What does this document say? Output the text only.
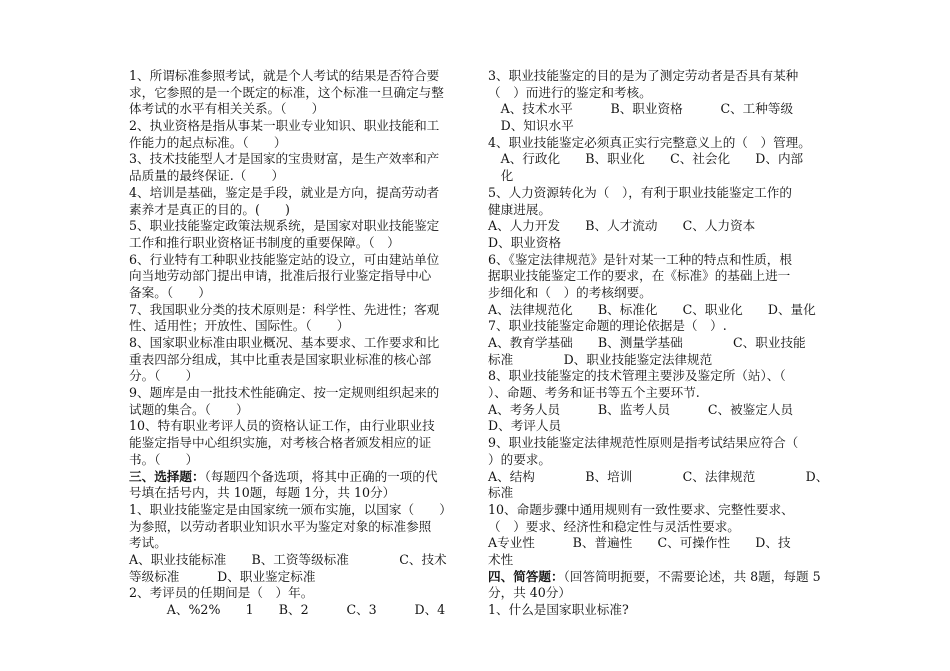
1、所谓标准参照考试，就是个人考试的结果是否符合要
求，它参照的是一个既定的标准，这个标准一旦确定与整
体考试的水平有相关关系。（　　）
2、执业资格是指从事某一职业专业知识、职业技能和工
作能力的起点标准。（　　）
3、技术技能型人才是国家的宝贵财富，是生产效率和产
品质量的最终保证.（　　）
4、培训是基础，鉴定是手段，就业是方向，提高劳动者
素养才是真正的目的。(　　)
5、职业技能鉴定政策法规系统，是国家对职业技能鉴定
工作和推行职业资格证书制度的重要保障。（　）
6、行业特有工种职业技能鉴定站的设立，可由建站单位
向当地劳动部门提出申请，批准后报行业鉴定指导中心
备案。（　　）
7、我国职业分类的技术原则是：科学性、先进性；客观
性、适用性；开放性、国际性。（　　）
8、国家职业标准由职业概况、基本要求、工作要求和比
重表四部分组成，其中比重表是国家职业标准的核心部
分。（　　）
9、题库是由一批技术性能确定、按一定规则组织起来的
试题的集合。（　　）
10、特有职业考评人员的资格认证工作，由行业职业技
能鉴定指导中心组织实施，对考核合格者颁发相应的证
书。（　　）
三、选择题：（每题四个备选项，将其中正确的一项的代
号填在括号内，共 10题，每题 1分，共 10分）
1、职业技能鉴定是由国家统一颁布实施，以国家（　　）
为参照，以劳动者职业知识水平为鉴定对象的标准参照
考试。
A、职业技能标准　　B、工资等级标准　　　　C、技术
等级标准　　　D、职业鉴定标准
2、考评员的任期间是（　）年。
　　　A、%2%　　1　　B、2　　　C、3　　　D、4
3、职业技能鉴定的目的是为了测定劳动者是否具有某种
（　）而进行的鉴定和考核。
　A、技术水平　　　B、职业资格　　　C、工种等级
　D、知识水平
4、职业技能鉴定必须真正实行完整意义上的（　）管理。
　A、行政化　　B、职业化　　C、社会化　　D、内部
　化
5、人力资源转化为（　），有利于职业技能鉴定工作的
健康进展。
A、人力开发　　B、人才流动　　C、人力资本
D、职业资格
6、《鉴定法律规范》是针对某一工种的特点和性质，根
据职业技能鉴定工作的要求，在《标准》的基础上进一
步细化和（　）的考核纲要。
A、法律规范化　　B、标准化　　C、职业化　　D、量化
7、职业技能鉴定命题的理论依据是（　）.
A、教育学基础　　B、测量学基础　　　　C、职业技能
标准　　　　D、职业技能鉴定法律规范
8、职业技能鉴定的技术管理主要涉及鉴定所（站）、（
）、命题、考务和证书等五个主要环节.
A、考务人员　　　B、监考人员　　　C、被鉴定人员
D、考评人员
9、职业技能鉴定法律规范性原则是指考试结果应符合（
）的要求。
A、结构　　　　B、培训　　　　C、法律规范　　　　D、
标准
10、命题步骤中通用规则有一致性要求、完整性要求、
（　）要求、经济性和稳定性与灵活性要求。
A专业性　　　B、普遍性　　C、可操作性　　D、技
术性
四、简答题：（回答简明扼要，不需要论述，共 8题，每题 5
分，共 40分）
1、什么是国家职业标准?
